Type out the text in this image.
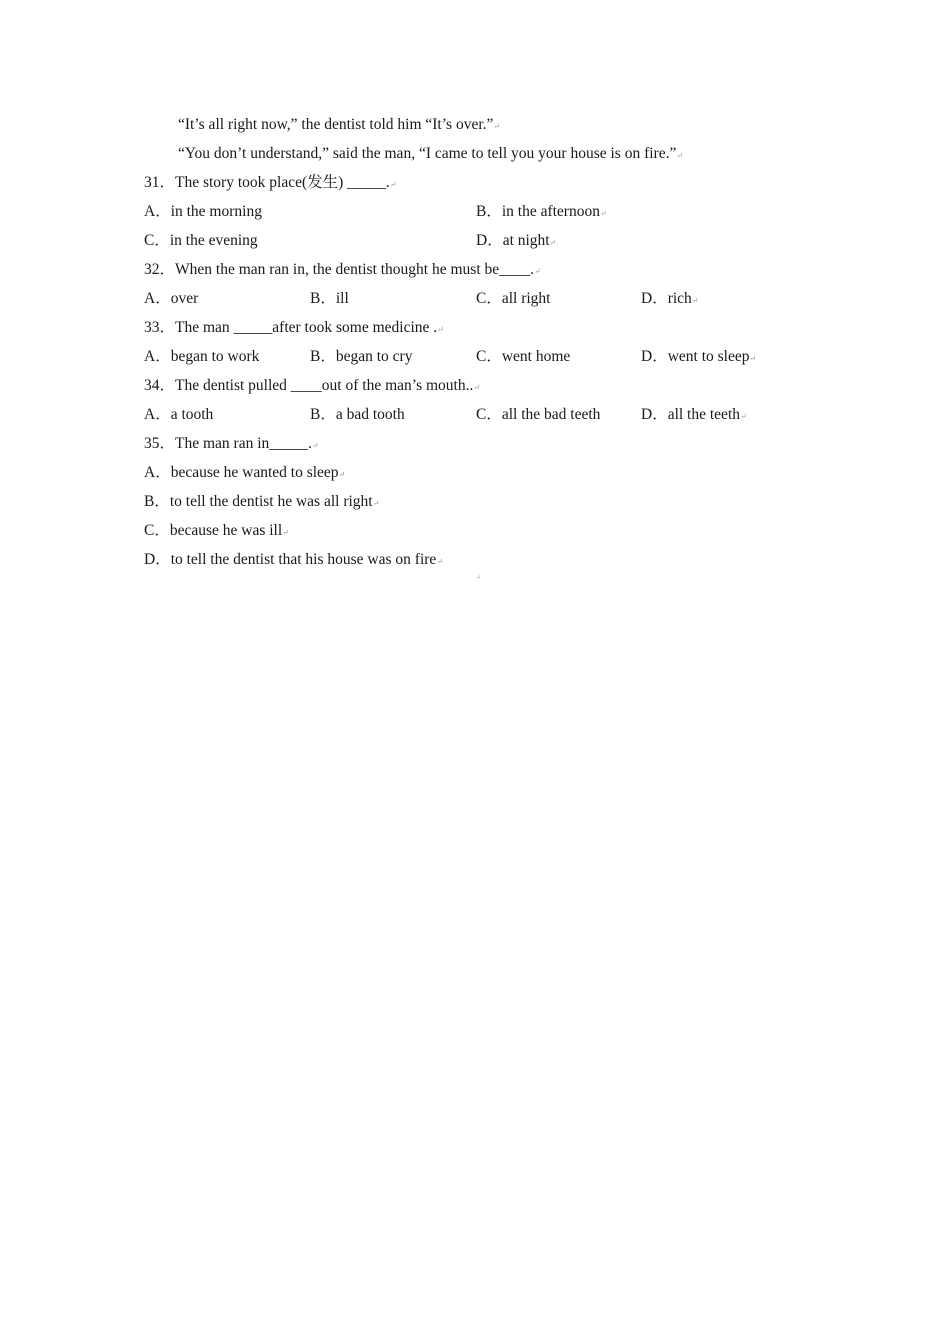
“It’s all right now,” the dentist told him “It’s over.”↵
“You don’t understand,” said the man, “I came to tell you your house is on fire.”↵
31．The story took place(发生) _____.↵
A．in the morning	B．in the afternoon↵
C．in the evening	D．at night↵
32．When the man ran in, the dentist thought he must be____.↵
A．over	B．ill	C．all right	D．rich↵
33．The man _____after took some medicine .↵
A．began to work	B．began to cry	C．went home	D．went to sleep↵
34．The dentist pulled ____out of the man’s mouth..↵
A．a tooth	B．a bad tooth	C．all the bad teeth	D．all the teeth↵
35．The man ran in_____.↵
A．because he wanted to sleep↵
B．to tell the dentist he was all right↵
C．because he was ill↵
D．to tell the dentist that his house was on fire↵
↵
